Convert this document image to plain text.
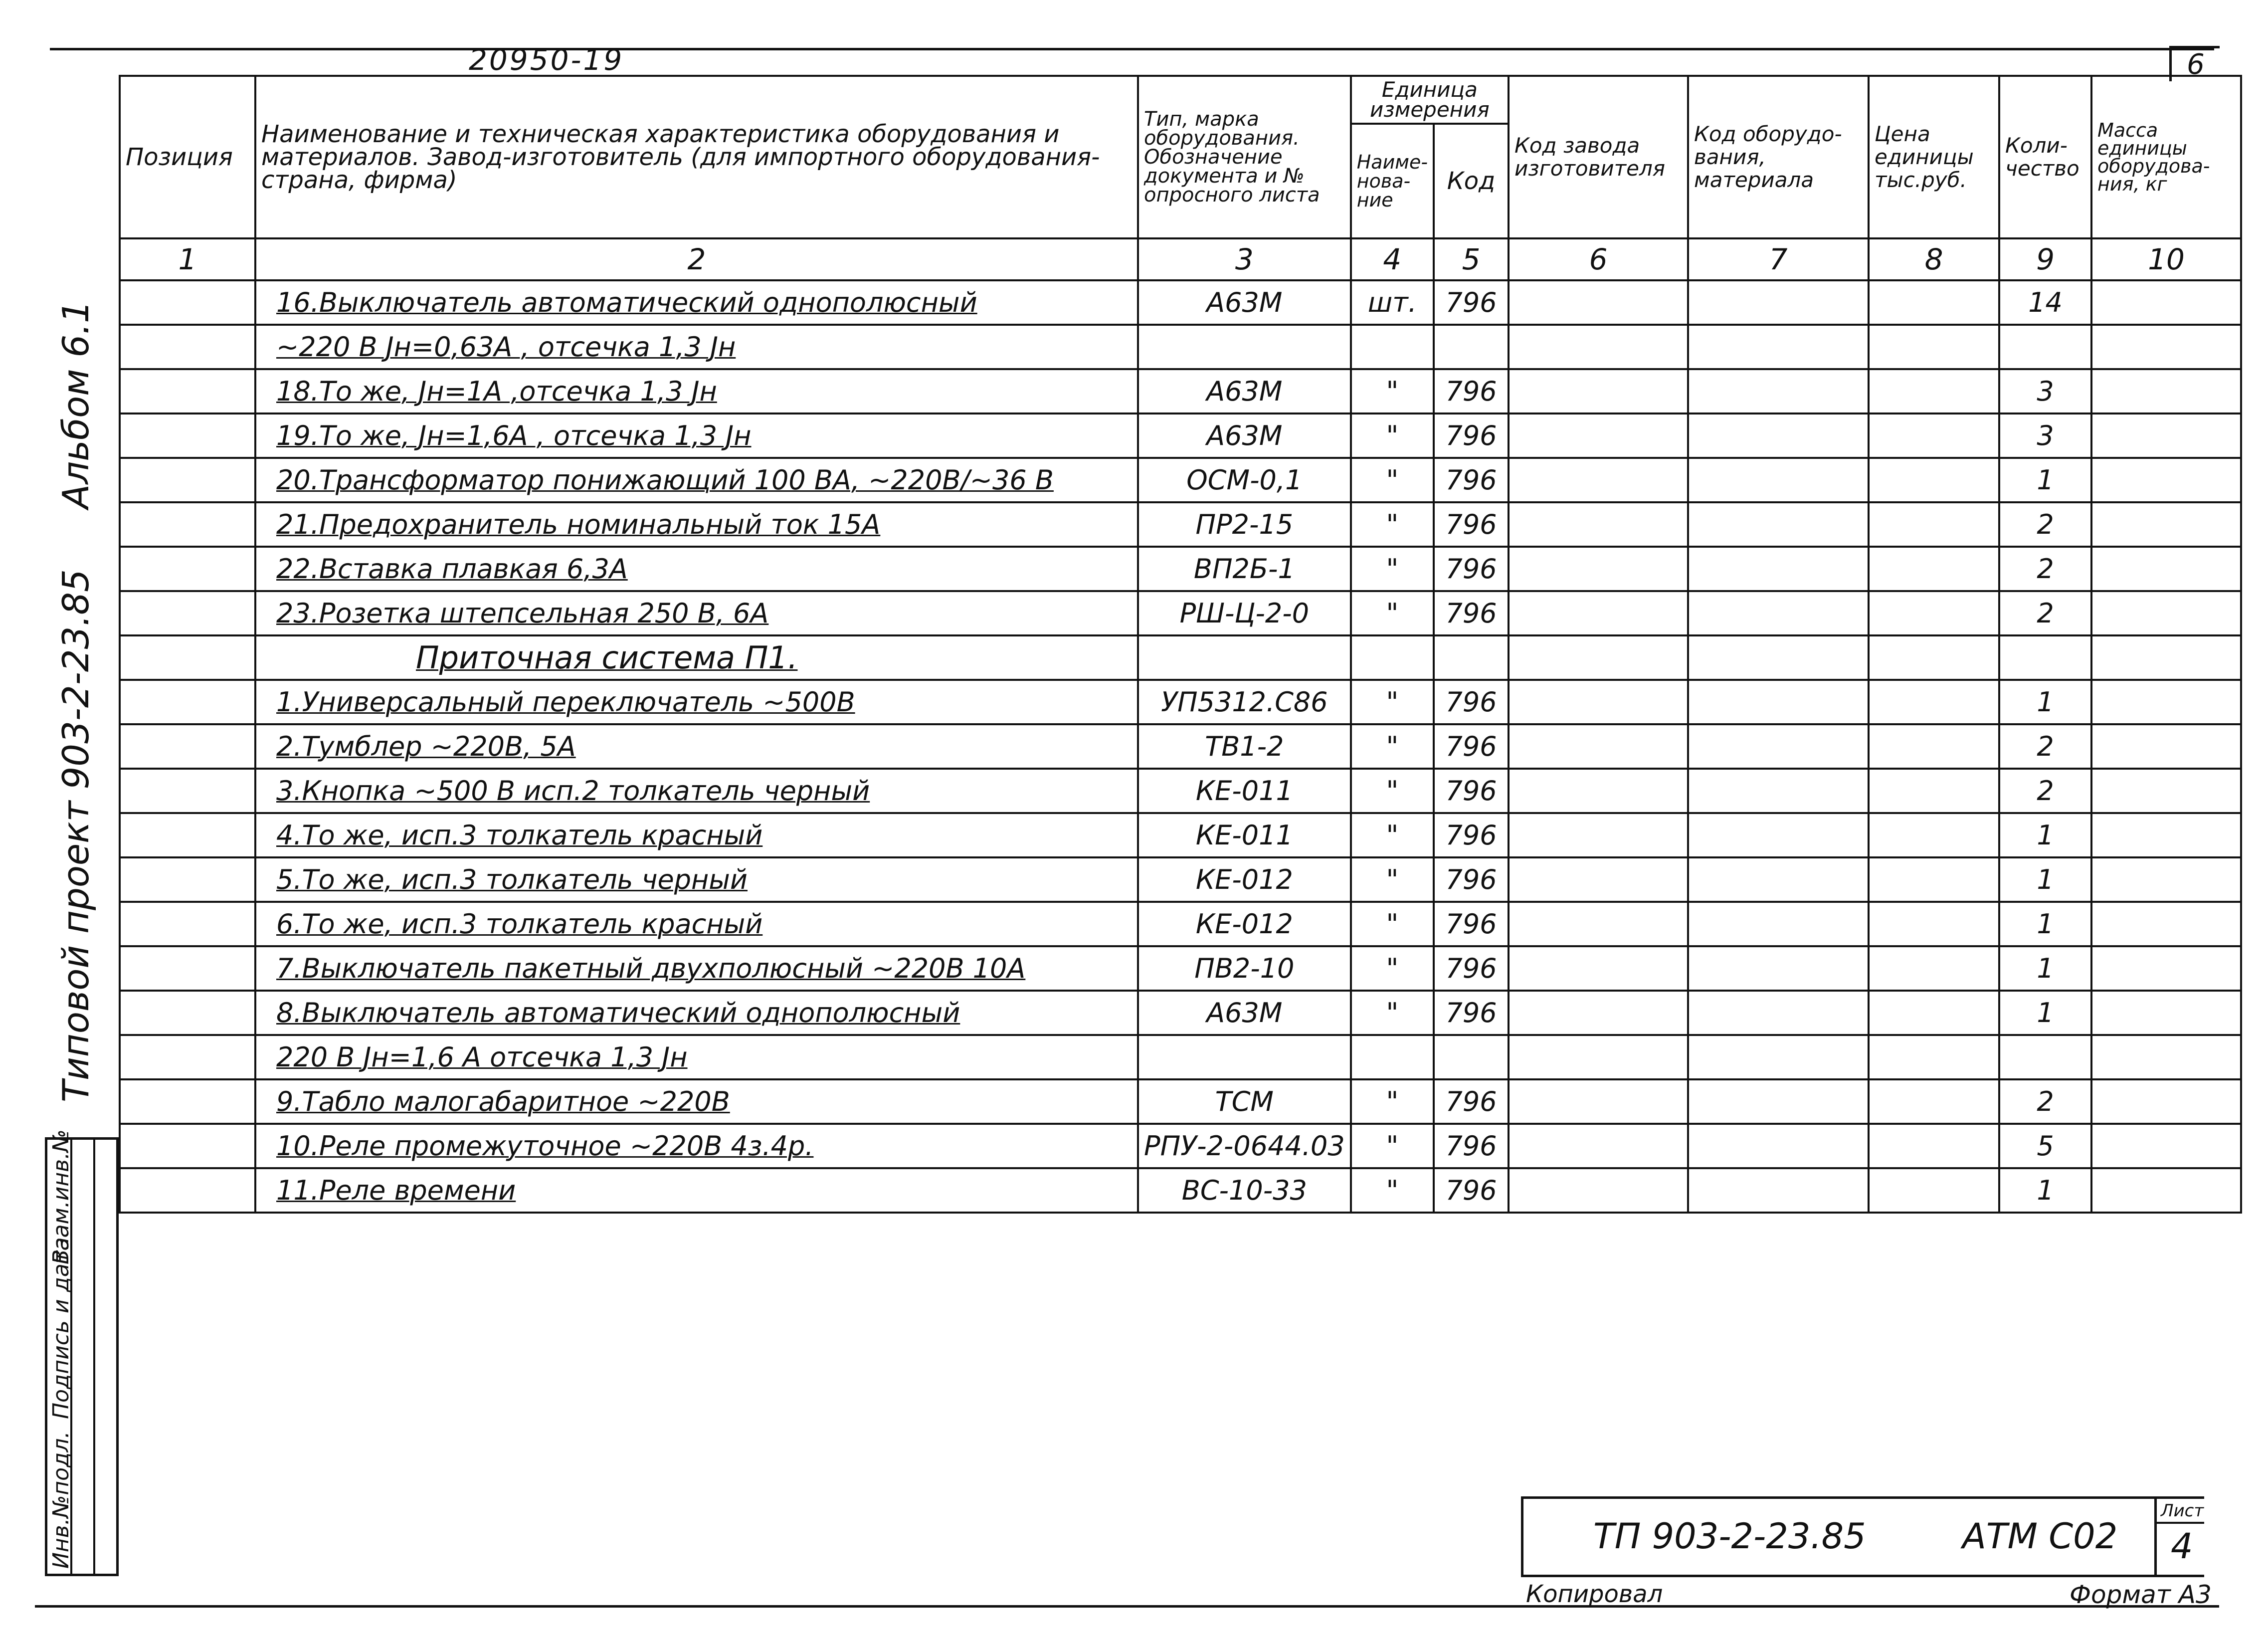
20950-19	6
Альбом 6.1
Типовой проект 903-2-23.85
Инв.№подл.
Подпись и дата
Взам.инв.№
Позиция	Наименование и техническая характеристика оборудования и материалов. Завод-изготовитель (для импортного оборудования-страна, фирма)	Тип, марка оборудования. Обозначение документа и № опросного листа	Единица измерения		Код завода изготовителя	Код оборудо-вания, материала	Цена единицы тыс.руб.	Коли-чество	Масса единицы оборудова-ния, кг
			Наиме-нова-ние	Код					
1	2	3	4	5	6	7	8	9	10
	16.Выключатель автоматический однополюсный	А63М	шт.	796				14	
	~220 В Jн=0,63А , отсечка 1,3 Jн								
	18.То же, Jн=1А ,отсечка 1,3 Jн	А63М	"	796				3	
	19.То же, Jн=1,6А , отсечка 1,3 Jн	А63М	"	796				3	
	20.Трансформатор понижающий 100 ВА, ~220В/~36 В	ОСМ-0,1	"	796				1	
	21.Предохранитель номинальный ток 15А	ПР2-15	"	796				2	
	22.Вставка плавкая 6,3А	ВП2Б-1	"	796				2	
	23.Розетка штепсельная 250 В, 6А	РШ-Ц-2-0	"	796				2	
	Приточная система П1.								
	1.Универсальный переключатель ~500В	УП5312.С86	"	796				1	
	2.Тумблер ~220В, 5А	ТВ1-2	"	796				2	
	3.Кнопка ~500 В исп.2 толкатель черный	КЕ-011	"	796				2	
	4.То же, исп.3 толкатель красный	КЕ-011	"	796				1	
	5.То же, исп.3 толкатель черный	КЕ-012	"	796				1	
	6.То же, исп.3 толкатель красный	КЕ-012	"	796				1	
	7.Выключатель пакетный двухполюсный ~220В 10А	ПВ2-10	"	796				1	
	8.Выключатель автоматический однополюсный	А63М	"	796				1	
	220 В Jн=1,6 А отсечка 1,3 Jн								
	9.Табло малогабаритное ~220В	ТСМ	"	796				2	
	10.Реле промежуточное ~220В 4з.4р.	РПУ-2-0644.03	"	796				5	
	11.Реле времени	ВС-10-33	"	796				1	

ТП 903-2-23.85	АТМ С02
Лист
4
Копировал	Формат А3
